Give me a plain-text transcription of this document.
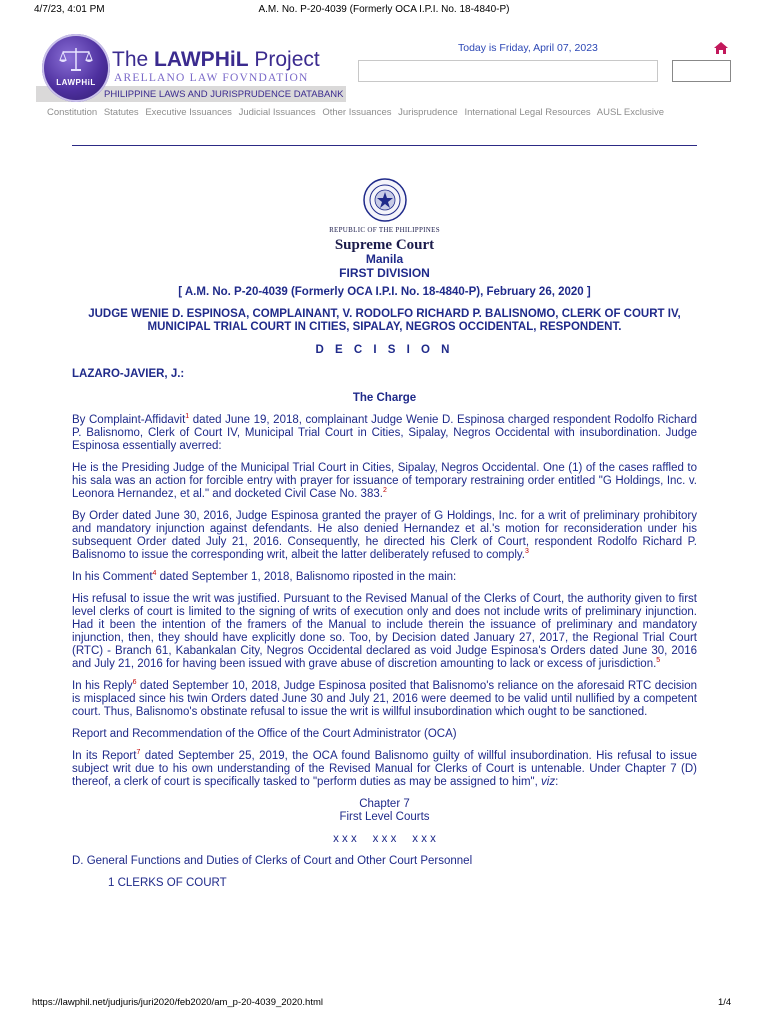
4/7/23, 4:01 PM	A.M. No. P-20-4039 (Formerly OCA I.P.I. No. 18-4840-P)
LAWPHiL
The LAWPHiL Project
ARELLANO LAW FOVNDATION
PHILIPPINE LAWS AND JURISPRUDENCE DATABANK
Today is Friday, April 07, 2023
Constitution Statutes Executive Issuances Judicial Issuances Other Issuances Jurisprudence International Legal Resources AUSL Exclusive
REPUBLIC OF THE PHILIPPINES
Supreme Court
Manila
FIRST DIVISION
[ A.M. No. P-20-4039 (Formerly OCA I.P.I. No. 18-4840-P), February 26, 2020 ]
JUDGE WENIE D. ESPINOSA, COMPLAINANT, V. RODOLFO RICHARD P. BALISNOMO, CLERK OF COURT IV, MUNICIPAL TRIAL COURT IN CITIES, SIPALAY, NEGROS OCCIDENTAL, RESPONDENT.
D E C I S I O N
LAZARO-JAVIER, J.:
The Charge

By Complaint-Affidavit$^1$ dated June 19, 2018, complainant Judge Wenie D. Espinosa charged respondent Rodolfo Richard P. Balisnomo, Clerk of Court IV, Municipal Trial Court in Cities, Sipalay, Negros Occidental with insubordination. Judge Espinosa essentially averred:

He is the Presiding Judge of the Municipal Trial Court in Cities, Sipalay, Negros Occidental. One (1) of the cases raffled to his sala was an action for forcible entry with prayer for issuance of temporary restraining order entitled "G Holdings, Inc. v. Leonora Hernandez, et al." and docketed Civil Case No. 383.$^2$

By Order dated June 30, 2016, Judge Espinosa granted the prayer of G Holdings, Inc. for a writ of preliminary prohibitory and mandatory injunction against defendants. He also denied Hernandez et al.'s motion for reconsideration under his subsequent Order dated July 21, 2016. Consequently, he directed his Clerk of Court, respondent Rodolfo Richard P. Balisnomo to issue the corresponding writ, albeit the latter deliberately refused to comply.$^3$

In his Comment$^4$ dated September 1, 2018, Balisnomo riposted in the main:

His refusal to issue the writ was justified. Pursuant to the Revised Manual of the Clerks of Court, the authority given to first level clerks of court is limited to the signing of writs of execution only and does not include writs of preliminary injunction. Had it been the intention of the framers of the Manual to include therein the issuance of preliminary and mandatory injunction, then, they should have explicitly done so. Too, by Decision dated January 27, 2017, the Regional Trial Court (RTC) - Branch 61, Kabankalan City, Negros Occidental declared as void Judge Espinosa's Orders dated June 30, 2016 and July 21, 2016 for having been issued with grave abuse of discretion amounting to lack or excess of jurisdiction.$^5$

In his Reply$^6$ dated September 10, 2018, Judge Espinosa posited that Balisnomo's reliance on the aforesaid RTC decision is misplaced since his twin Orders dated June 30 and July 21, 2016 were deemed to be valid until nullified by a competent court. Thus, Balisnomo's obstinate refusal to issue the writ is willful insubordination which ought to be sanctioned.

Report and Recommendation of the Office of the Court Administrator (OCA)

In its Report$^7$ dated September 25, 2019, the OCA found Balisnomo guilty of willful insubordination. His refusal to issue subject writ due to his own understanding of the Revised Manual for Clerks of Court is untenable. Under Chapter 7 (D) thereof, a clerk of court is specifically tasked to "perform duties as may be assigned to him", viz:

Chapter 7
First Level Courts
x x x     x x x     x x x

D. General Functions and Duties of Clerks of Court and Other Court Personnel

1 CLERKS OF COURT

https://lawphil.net/judjuris/juri2020/feb2020/am_p-20-4039_2020.html	1/4
